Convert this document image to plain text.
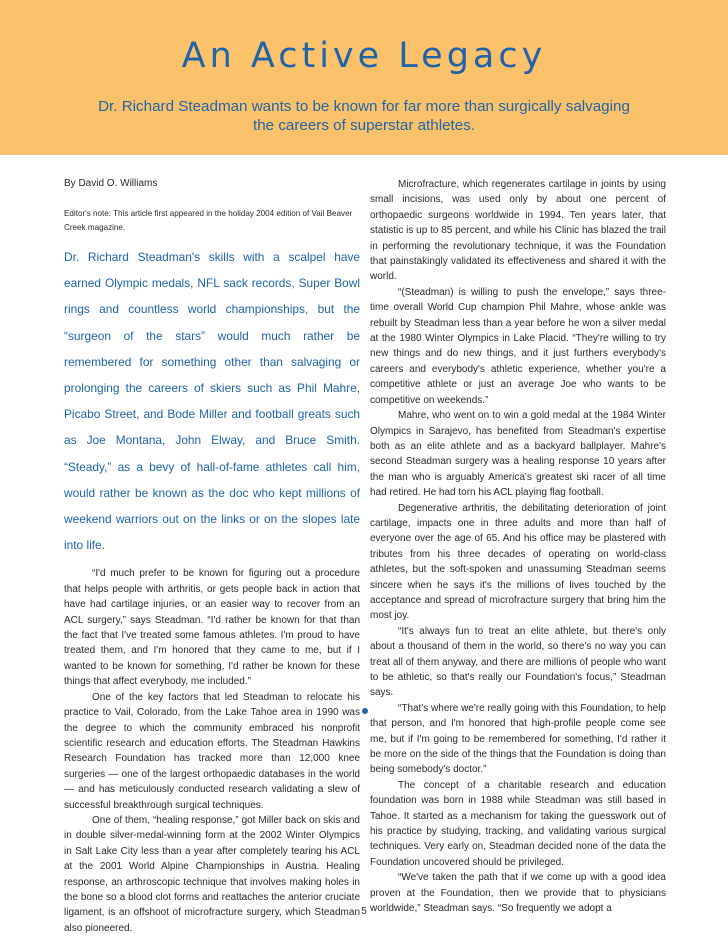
An Active Legacy
Dr. Richard Steadman wants to be known for far more than surgically salvaging the careers of superstar athletes.

By David O. Williams

Editor's note: This article first appeared in the holiday 2004 edition of Vail Beaver Creek magazine.

Dr. Richard Steadman's skills with a scalpel have earned Olympic medals, NFL sack records, Super Bowl rings and countless world championships, but the “surgeon of the stars” would much rather be remembered for something other than salvaging or prolonging the careers of skiers such as Phil Mahre, Picabo Street, and Bode Miller and football greats such as Joe Montana, John Elway, and Bruce Smith. “Steady,” as a bevy of hall-of-fame athletes call him, would rather be known as the doc who kept millions of weekend warriors out on the links or on the slopes late into life.

“I'd much prefer to be known for figuring out a procedure that helps people with arthritis, or gets people back in action that have had cartilage injuries, or an easier way to recover from an ACL surgery,” says Steadman. “I'd rather be known for that than the fact that I've treated some famous athletes. I'm proud to have treated them, and I'm honored that they came to me, but if I wanted to be known for something, I'd rather be known for these things that affect everybody, me included.”

One of the key factors that led Steadman to relocate his practice to Vail, Colorado, from the Lake Tahoe area in 1990 was the degree to which the community embraced his nonprofit scientific research and education efforts. The Steadman Hawkins Research Foundation has tracked more than 12,000 knee surgeries — one of the largest orthopaedic databases in the world — and has meticulously conducted research validating a slew of successful breakthrough surgical techniques.

One of them, “healing response,” got Miller back on skis and in double silver-medal-winning form at the 2002 Winter Olympics in Salt Lake City less than a year after completely tearing his ACL at the 2001 World Alpine Championships in Austria. Healing response, an arthroscopic technique that involves making holes in the bone so a blood clot forms and reattaches the anterior cruciate ligament, is an offshoot of microfracture surgery, which Steadman also pioneered.

Microfracture, which regenerates cartilage in joints by using small incisions, was used only by about one percent of orthopaedic surgeons worldwide in 1994. Ten years later, that statistic is up to 85 percent, and while his Clinic has blazed the trail in performing the revolutionary technique, it was the Foundation that painstakingly validated its effectiveness and shared it with the world.

“(Steadman) is willing to push the envelope,” says three-time overall World Cup champion Phil Mahre, whose ankle was rebuilt by Steadman less than a year before he won a silver medal at the 1980 Winter Olympics in Lake Placid. “They're willing to try new things and do new things, and it just furthers everybody's careers and everybody's athletic experience, whether you're a competitive athlete or just an average Joe who wants to be competitive on weekends.”

Mahre, who went on to win a gold medal at the 1984 Winter Olympics in Sarajevo, has benefited from Steadman's expertise both as an elite athlete and as a backyard ballplayer. Mahre's second Steadman surgery was a healing response 10 years after the man who is arguably America's greatest ski racer of all time had retired. He had torn his ACL playing flag football.

Degenerative arthritis, the debilitating deterioration of joint cartilage, impacts one in three adults and more than half of everyone over the age of 65. And his office may be plastered with tributes from his three decades of operating on world-class athletes, but the soft-spoken and unassuming Steadman seems sincere when he says it's the millions of lives touched by the acceptance and spread of microfracture surgery that bring him the most joy.

“It's always fun to treat an elite athlete, but there's only about a thousand of them in the world, so there's no way you can treat all of them anyway, and there are millions of people who want to be athletic, so that's really our Foundation's focus,” Steadman says.

“That's where we're really going with this Foundation, to help that person, and I'm honored that high-profile people come see me, but if I'm going to be remembered for something, I'd rather it be more on the side of the things that the Foundation is doing than being somebody's doctor.”

The concept of a charitable research and education foundation was born in 1988 while Steadman was still based in Tahoe. It started as a mechanism for taking the guesswork out of his practice by studying, tracking, and validating various surgical techniques. Very early on, Steadman decided none of the data the Foundation uncovered should be privileged.

“We've taken the path that if we come up with a good idea proven at the Foundation, then we provide that to physicians worldwide,” Steadman says. “So frequently we adopt a

5
